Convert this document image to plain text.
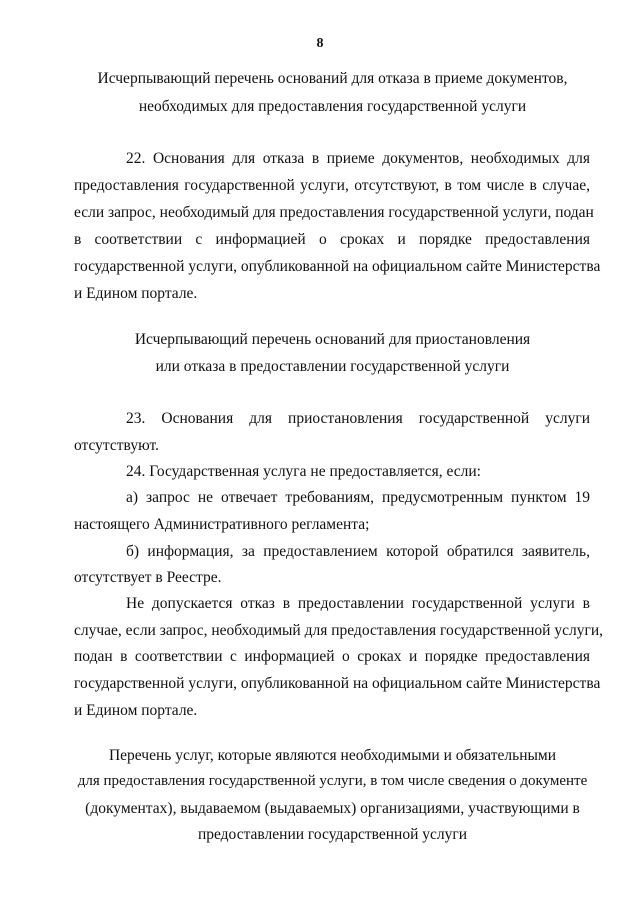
8
Исчерпывающий перечень оснований для отказа в приеме документов,
необходимых для предоставления государственной услуги
22. Основания для отказа в приеме документов, необходимых для
предоставления государственной услуги, отсутствуют, в том числе в случае,
если запрос, необходимый для предоставления государственной услуги, подан
в соответствии с информацией о сроках и порядке предоставления
государственной услуги, опубликованной на официальном сайте Министерства
и Едином портале.
Исчерпывающий перечень оснований для приостановления
или отказа в предоставлении государственной услуги
23. Основания для приостановления государственной услуги
отсутствуют.
24. Государственная услуга не предоставляется, если:
а) запрос не отвечает требованиям, предусмотренным пунктом 19
настоящего Административного регламента;
б) информация, за предоставлением которой обратился заявитель,
отсутствует в Реестре.
Не допускается отказ в предоставлении государственной услуги в
случае, если запрос, необходимый для предоставления государственной услуги,
подан в соответствии с информацией о сроках и порядке предоставления
государственной услуги, опубликованной на официальном сайте Министерства
и Едином портале.
Перечень услуг, которые являются необходимыми и обязательными
для предоставления государственной услуги, в том числе сведения о документе
(документах), выдаваемом (выдаваемых) организациями, участвующими в
предоставлении государственной услуги
